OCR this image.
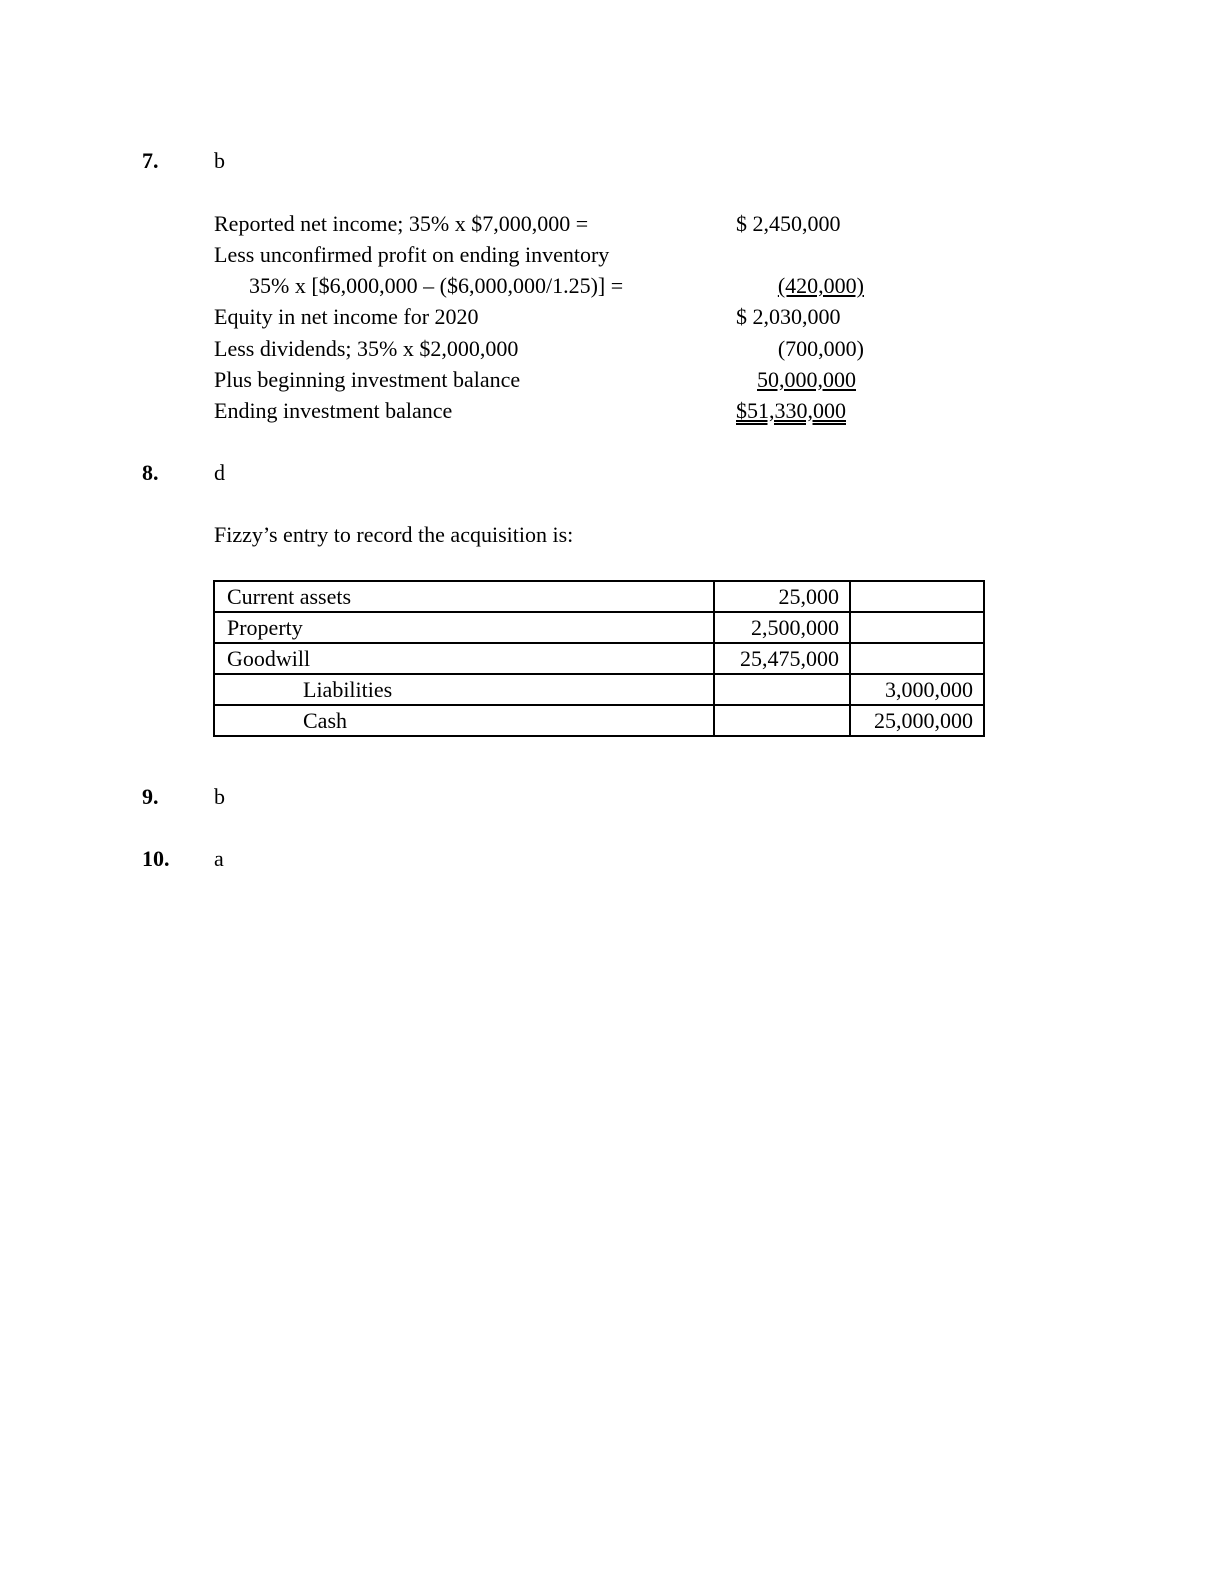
7.	b
Reported net income; 35% x $7,000,000 =	$ 2,450,000
Less unconfirmed profit on ending inventory
35% x [$6,000,000 – ($6,000,000/1.25)] =	(420,000)
Equity in net income for 2020	$ 2,030,000
Less dividends; 35% x $2,000,000	(700,000)
Plus beginning investment balance	50,000,000
Ending investment balance	$51,330,000
8.	d
Fizzy’s entry to record the acquisition is:
Current assets	25,000	
Property	2,500,000	
Goodwill	25,475,000	
Liabilities		3,000,000
Cash		25,000,000
9.	b
10. a
